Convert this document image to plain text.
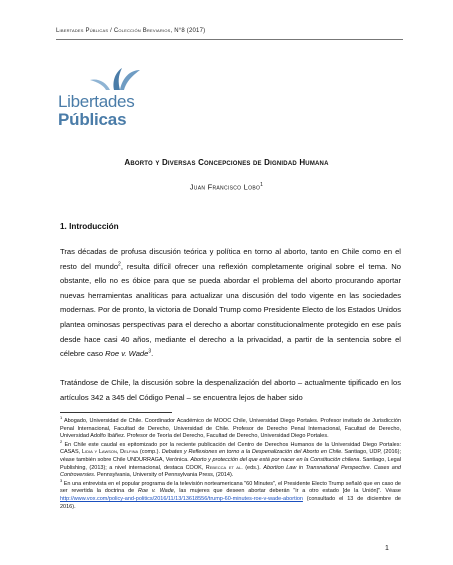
Libertades Públicas / Colección Breviarios, N°8 (2017)
Libertades
Públicas
Aborto y Diversas Concepciones de Dignidad Humana
Juan Francisco Lobo$^1$
1. Introducción
Tras décadas de profusa discusión teórica y política en torno al aborto, tanto en Chile como en el resto del mundo$^2$, resulta difícil ofrecer una reflexión completamente original sobre el tema. No obstante, ello no es óbice para que se pueda abordar el problema del aborto procurando aportar nuevas herramientas analíticas para actualizar una discusión del todo vigente en las sociedades modernas. Por de pronto, la victoria de Donald Trump como Presidente Electo de los Estados Unidos plantea ominosas perspectivas para el derecho a abortar constitucionalmente protegido en ese país desde hace casi 40 años, mediante el derecho a la privacidad, a partir de la sentencia sobre el célebre caso Roe v. Wade$^3$.
Tratándose de Chile, la discusión sobre la despenalización del aborto – actualmente tipificado en los artículos 342 a 345 del Código Penal – se encuentra lejos de haber sido
$^1$ Abogado, Universidad de Chile. Coordinador Académico de MOOC Chile, Universidad Diego Portales. Profesor invitado de Jurisdicción Penal Internacional, Facultad de Derecho, Universidad de Chile. Profesor de Derecho Penal Internacional, Facultad de Derecho, Universidad Adolfo Ibáñez. Profesor de Teoría del Derecho, Facultad de Derecho, Universidad Diego Portales.
$^2$ En Chile este caudal es epitomizado por la reciente publicación del Centro de Derechos Humanos de la Universidad Diego Portales: CASAS, Lidia y Lawson, Delfina (comp.). Debates y Reflexiones en torno a la Despenalización del Aborto en Chile. Santiago, UDP, (2016); véase también sobre Chile UNDURRAGA, Verónica. Aborto y protección del que está por nacer en la Constitución chilena. Santiago, Legal Publishing, (2013); a nivel internacional, destaca COOK, Rebecca et al. (eds.). Abortion Law in Transnational Perspective. Cases and Controversies. Pennsylvania, University of Pennsylvania Press, (2014).
$^3$ En una entrevista en el popular programa de la televisión norteamericana "60 Minutes", el Presidente Electo Trump señaló que en caso de ser revertida la doctrina de Roe v. Wade, las mujeres que deseen abortar deberán "ir a otro estado [de la Unión]". Véase http://www.vox.com/policy-and-politics/2016/11/13/13618556/trump-60-minutes-roe-v-wade-abortion (consultado el 13 de diciembre de 2016).
1
